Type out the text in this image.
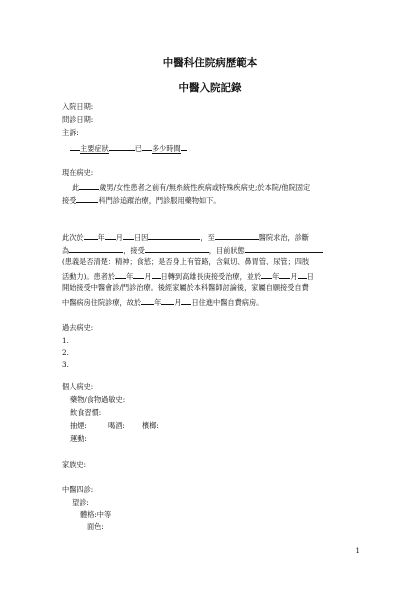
中醫科住院病歷範本
中醫入院記錄
入院日期:
問診日期:
主訴:
主要症狀	已 多少時間
現在病史:
此	歲男/女性患者之前有/無糸統性疾病或特殊疾病史;於本院/他院固定
接受	科門診追蹤治療，門診服用藥物如下。
此次於 年 月 日因	，至	醫院求治，診斷
為	，接受	，目前狀態
(患義是否清楚：精神；食慾；是否身上有管路，含氣切、鼻胃管、尿管；四肢
活動力)。患者於 年 月 日轉到高雄長庚接受治療，並於 年 月 日
開始接受中醫會診/門診治療。後經家屬於本科醫師討論後，家屬自願接受自費
中醫病房住院診療，故於 年 月 日住進中醫自費病房。
過去病史:
1.
2.
3.
個人病史:
藥物/食物過敏史:
飲食習慣:
抽煙:	喝酒: 檳榔:
運動:
家族史:
中醫四診:
望診:
體格:中等
面色:
1
